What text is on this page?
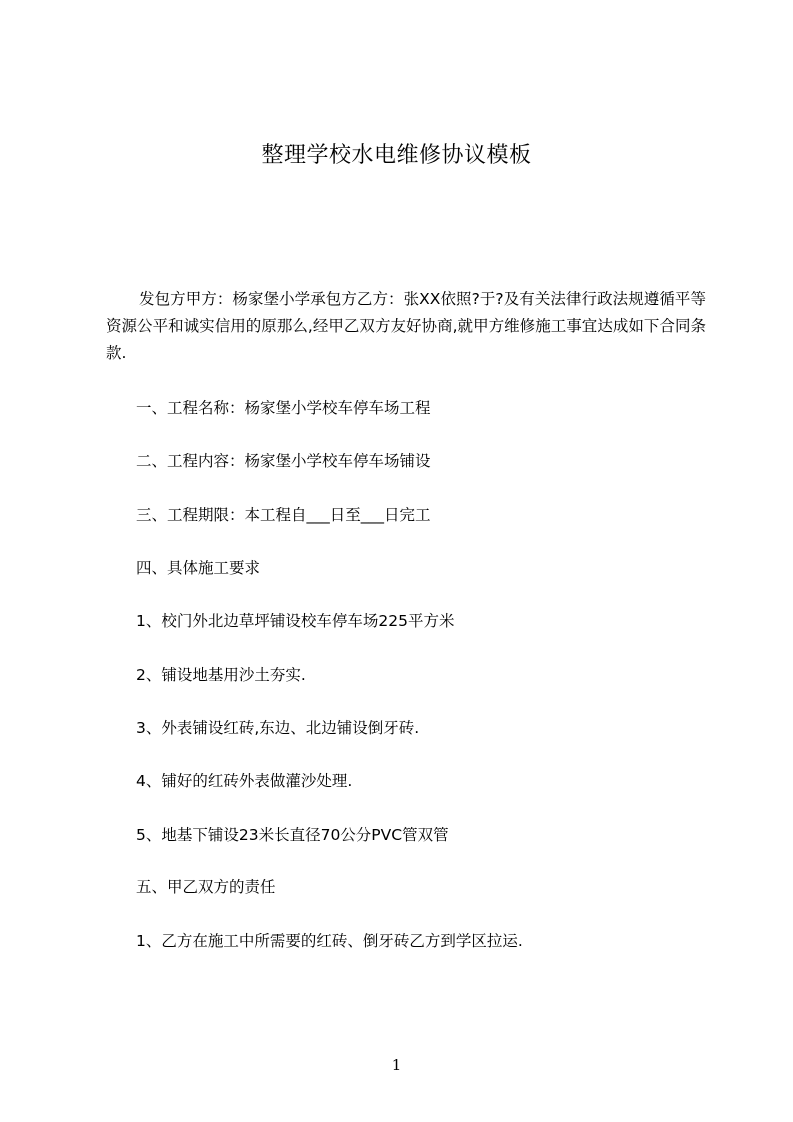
整理学校水电维修协议模板
发包方甲方：杨家堡小学承包方乙方：张XX依照?于?及有关法律行政法规遵循平等资源公平和诚实信用的原那么,经甲乙双方友好协商,就甲方维修施工事宜达成如下合同条款.
一、工程名称：杨家堡小学校车停车场工程
二、工程内容：杨家堡小学校车停车场铺设
三、工程期限：本工程自___日至___日完工
四、具体施工要求
1、校门外北边草坪铺设校车停车场225平方米
2、铺设地基用沙土夯实.
3、外表铺设红砖,东边、北边铺设倒牙砖.
4、铺好的红砖外表做灌沙处理.
5、地基下铺设23米长直径70公分PVC管双管
五、甲乙双方的责任
1、乙方在施工中所需要的红砖、倒牙砖乙方到学区拉运.
1
